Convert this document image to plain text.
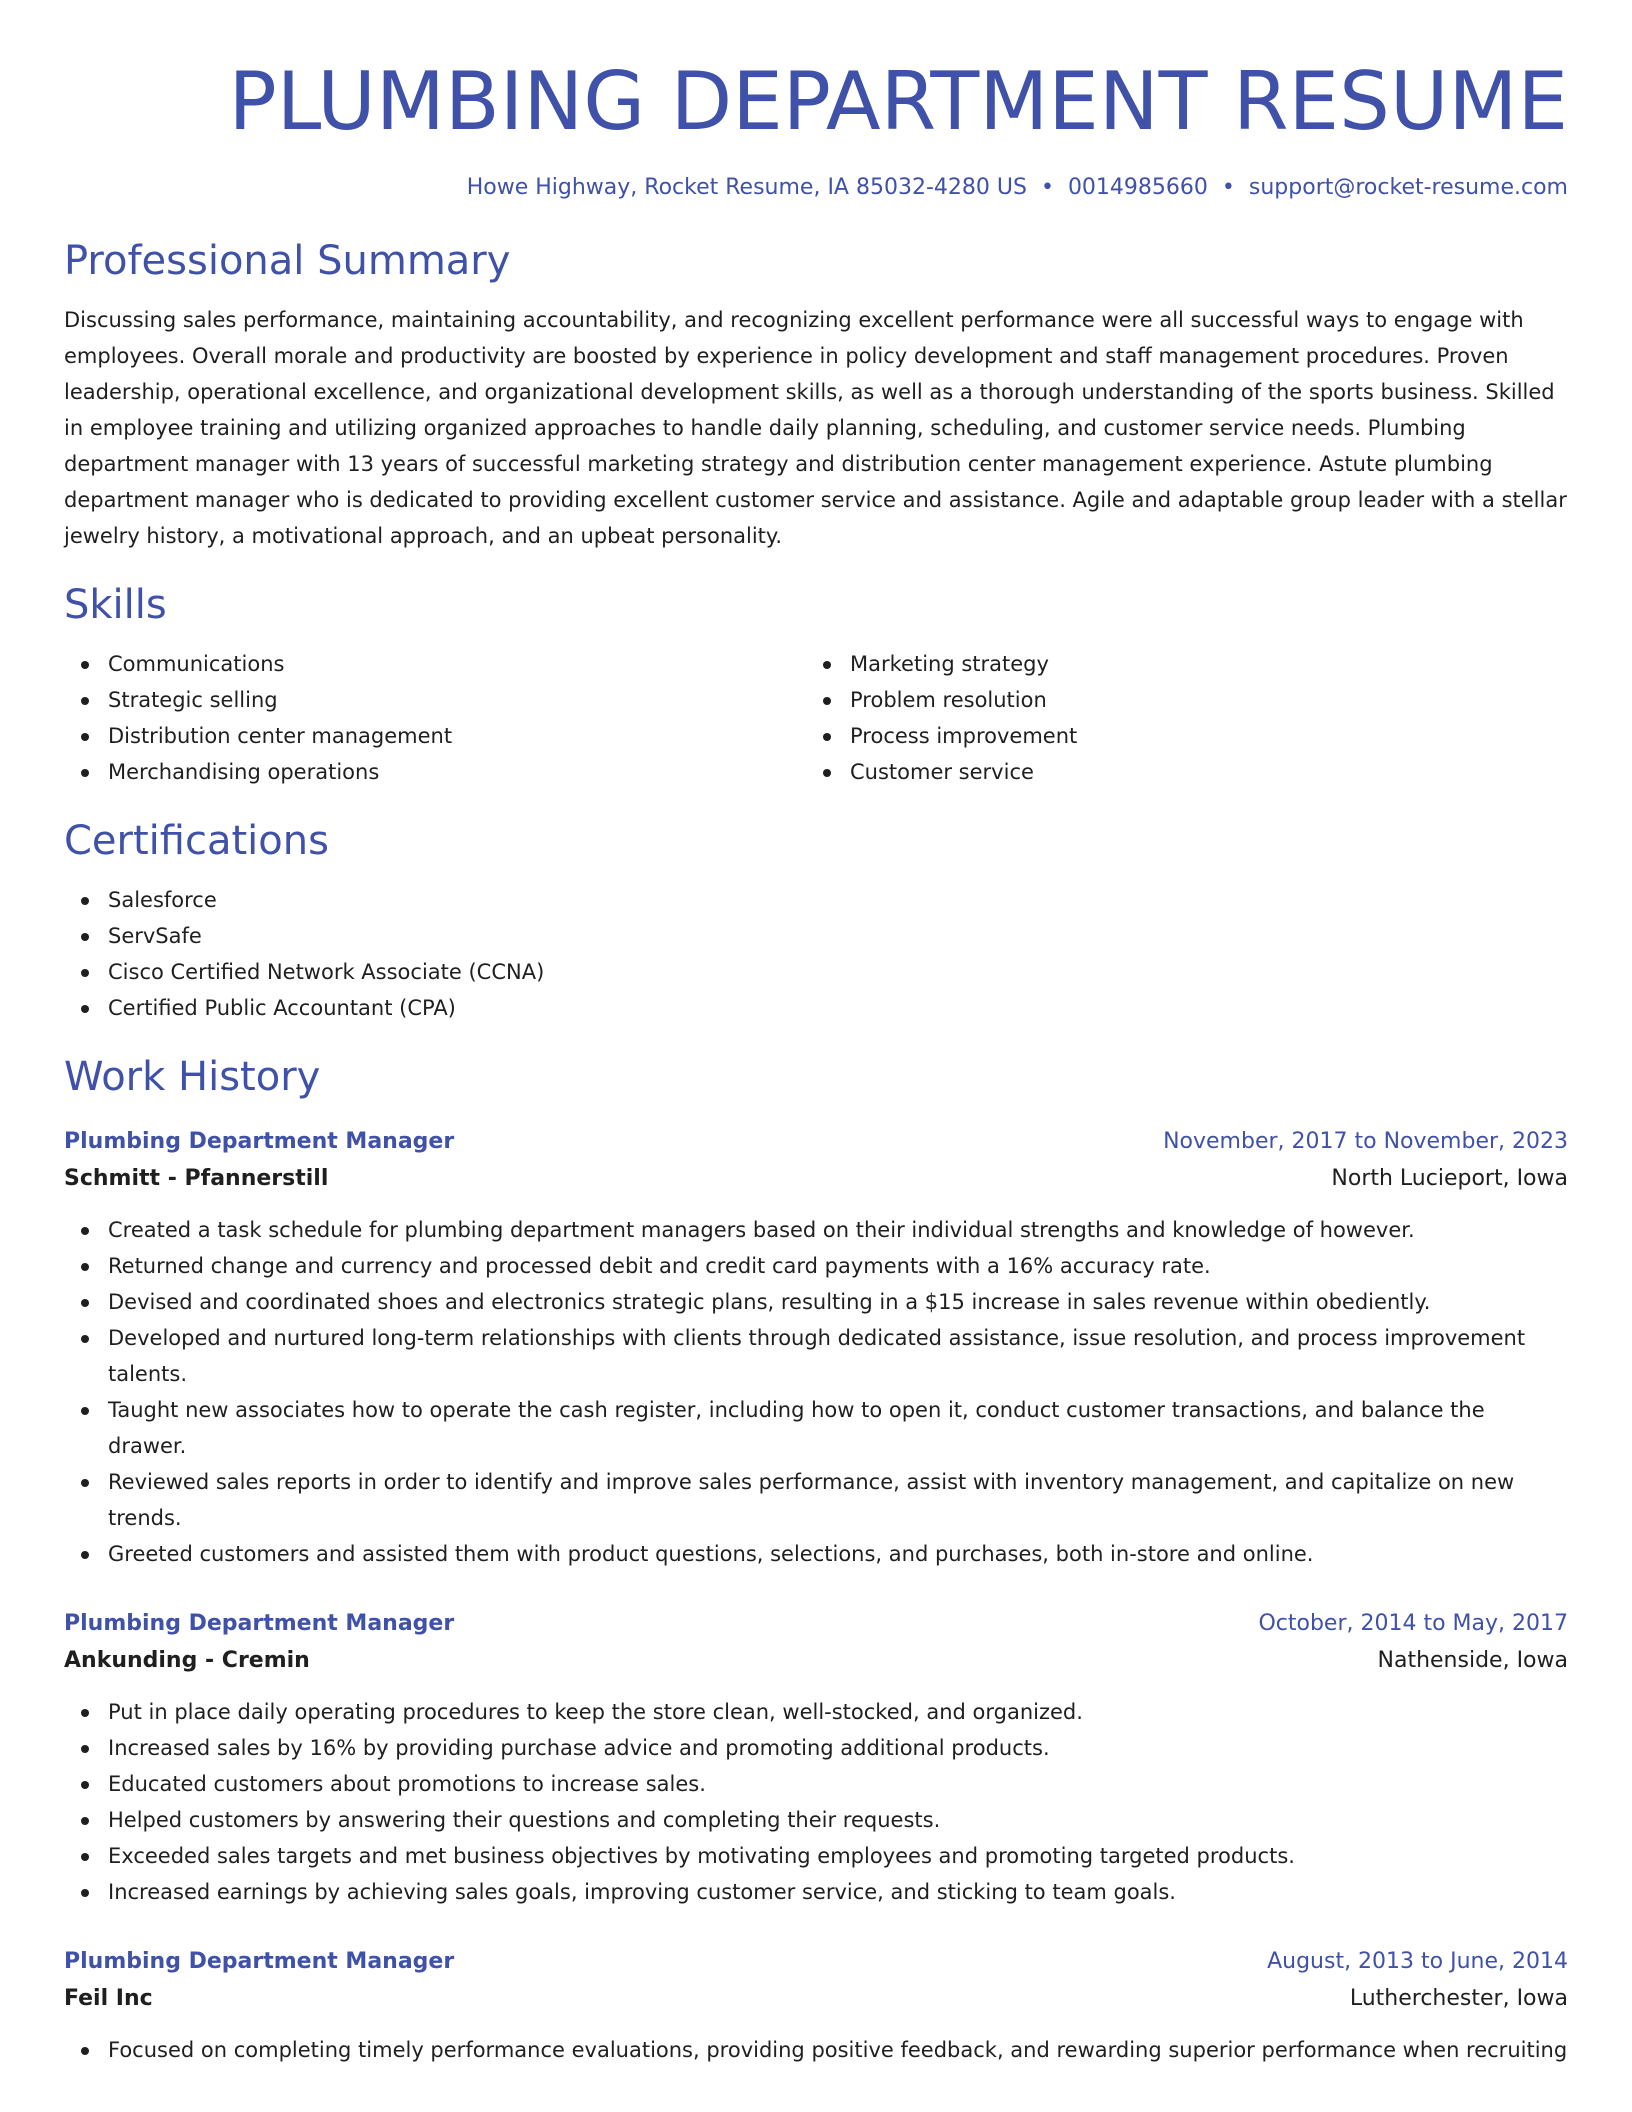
PLUMBING DEPARTMENT RESUME
Howe Highway, Rocket Resume, IA 85032-4280 US • 0014985660 • support@rocket-resume.com
Professional Summary

Discussing sales performance, maintaining accountability, and recognizing excellent performance were all successful ways to engage with employees. Overall morale and productivity are boosted by experience in policy development and staff management procedures. Proven leadership, operational excellence, and organizational development skills, as well as a thorough understanding of the sports business. Skilled in employee training and utilizing organized approaches to handle daily planning, scheduling, and customer service needs. Plumbing department manager with 13 years of successful marketing strategy and distribution center management experience. Astute plumbing department manager who is dedicated to providing excellent customer service and assistance. Agile and adaptable group leader with a stellar jewelry history, a motivational approach, and an upbeat personality.

Skills
Communications
Strategic selling
Distribution center management
Merchandising operations
Marketing strategy
Problem resolution
Process improvement
Customer service
Certifications
Salesforce
ServSafe
Cisco Certified Network Associate (CCNA)
Certified Public Accountant (CPA)
Work History
Plumbing Department Manager	November, 2017 to November, 2023
Schmitt - Pfannerstill	North Lucieport, Iowa
Created a task schedule for plumbing department managers based on their individual strengths and knowledge of however.
Returned change and currency and processed debit and credit card payments with a 16% accuracy rate.
Devised and coordinated shoes and electronics strategic plans, resulting in a $15 increase in sales revenue within obediently.
Developed and nurtured long-term relationships with clients through dedicated assistance, issue resolution, and process improvement talents.
Taught new associates how to operate the cash register, including how to open it, conduct customer transactions, and balance the drawer.
Reviewed sales reports in order to identify and improve sales performance, assist with inventory management, and capitalize on new trends.
Greeted customers and assisted them with product questions, selections, and purchases, both in-store and online.
Plumbing Department Manager	October, 2014 to May, 2017
Ankunding - Cremin	Nathenside, Iowa
Put in place daily operating procedures to keep the store clean, well-stocked, and organized.
Increased sales by 16% by providing purchase advice and promoting additional products.
Educated customers about promotions to increase sales.
Helped customers by answering their questions and completing their requests.
Exceeded sales targets and met business objectives by motivating employees and promoting targeted products.
Increased earnings by achieving sales goals, improving customer service, and sticking to team goals.
Plumbing Department Manager	August, 2013 to June, 2014
Feil Inc	Lutherchester, Iowa
Focused on completing timely performance evaluations, providing positive feedback, and rewarding superior performance when recruiting
